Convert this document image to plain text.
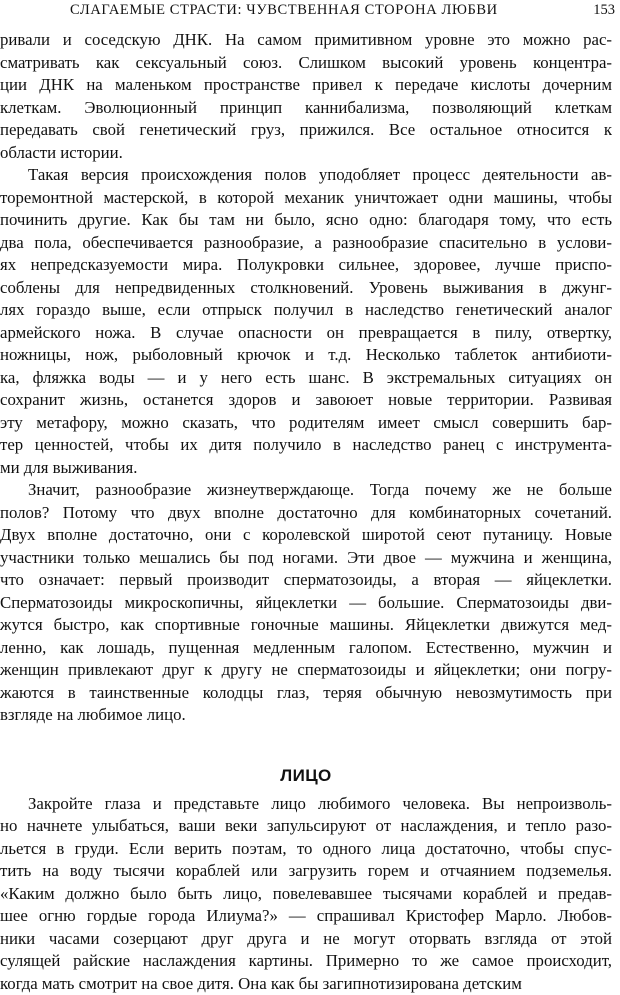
СЛАГАЕМЫЕ СТРАСТИ: ЧУВСТВЕННАЯ СТОРОНА ЛЮБВИ	153
ривали и соседскую ДНК. На самом примитивном уровне это можно рас-
сматривать как сексуальный союз. Слишком высокий уровень концентра-
ции ДНК на маленьком пространстве привел к передаче кислоты дочерним
клеткам. Эволюционный принцип каннибализма, позволяющий клеткам
передавать свой генетический груз, прижился. Все остальное относится к
области истории.
Такая версия происхождения полов уподобляет процесс деятельности ав-
торемонтной мастерской, в которой механик уничтожает одни машины, чтобы
починить другие. Как бы там ни было, ясно одно: благодаря тому, что есть
два пола, обеспечивается разнообразие, а разнообразие спасительно в услови-
ях непредсказуемости мира. Полукровки сильнее, здоровее, лучше приспо-
соблены для непредвиденных столкновений. Уровень выживания в джунг-
лях гораздо выше, если отпрыск получил в наследство генетический аналог
армейского ножа. В случае опасности он превращается в пилу, отвертку,
ножницы, нож, рыболовный крючок и т.д. Несколько таблеток антибиоти-
ка, фляжка воды — и у него есть шанс. В экстремальных ситуациях он
сохранит жизнь, останется здоров и завоюет новые территории. Развивая
эту метафору, можно сказать, что родителям имеет смысл совершить бар-
тер ценностей, чтобы их дитя получило в наследство ранец с инструмента-
ми для выживания.
Значит, разнообразие жизнеутверждающе. Тогда почему же не больше
полов? Потому что двух вполне достаточно для комбинаторных сочетаний.
Двух вполне достаточно, они с королевской широтой сеют путаницу. Новые
участники только мешались бы под ногами. Эти двое — мужчина и женщина,
что означает: первый производит сперматозоиды, а вторая — яйцеклетки.
Сперматозоиды микроскопичны, яйцеклетки — большие. Сперматозоиды дви-
жутся быстро, как спортивные гоночные машины. Яйцеклетки движутся мед-
ленно, как лошадь, пущенная медленным галопом. Естественно, мужчин и
женщин привлекают друг к другу не сперматозоиды и яйцеклетки; они погру-
жаются в таинственные колодцы глаз, теряя обычную невозмутимость при
взгляде на любимое лицо.
ЛИЦО
Закройте глаза и представьте лицо любимого человека. Вы непроизволь-
но начнете улыбаться, ваши веки запульсируют от наслаждения, и тепло разо-
льется в груди. Если верить поэтам, то одного лица достаточно, чтобы спус-
тить на воду тысячи кораблей или загрузить горем и отчаянием подземелья.
«Каким должно было быть лицо, повелевавшее тысячами кораблей и предав-
шее огню гордые города Илиума?» — спрашивал Кристофер Марло. Любов-
ники часами созерцают друг друга и не могут оторвать взгляда от этой
сулящей райские наслаждения картины. Примерно то же самое происходит,
когда мать смотрит на свое дитя. Она как бы загипнотизирована детским
